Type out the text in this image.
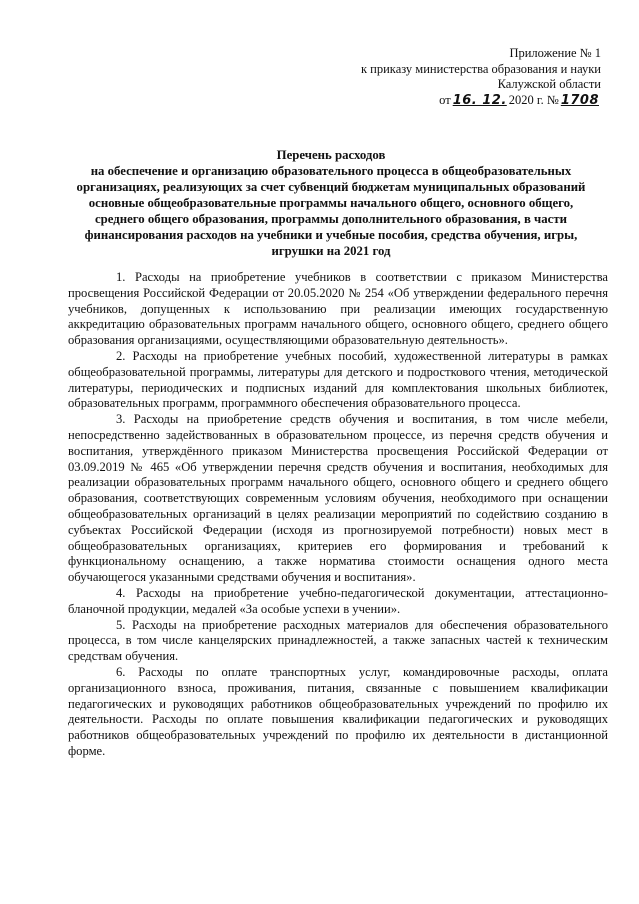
Приложение № 1
к приказу министерства образования и науки
Калужской области
от 16. 12. 2020 г. № 1708
Перечень расходов
на обеспечение и организацию образовательного процесса в общеобразовательных организациях, реализующих за счет субвенций бюджетам муниципальных образований основные общеобразовательные программы начального общего, основного общего, среднего общего образования, программы дополнительного образования, в части финансирования расходов на учебники и учебные пособия, средства обучения, игры, игрушки на 2021 год

1. Расходы на приобретение учебников в соответствии с приказом Министерства просвещения Российской Федерации от 20.05.2020 № 254 «Об утверждении федерального перечня учебников, допущенных к использованию при реализации имеющих государственную аккредитацию образовательных программ начального общего, основного общего, среднего общего образования организациями, осуществляющими образовательную деятельность».

2. Расходы на приобретение учебных пособий, художественной литературы в рамках общеобразовательной программы, литературы для детского и подросткового чтения, методической литературы, периодических и подписных изданий для комплектования школьных библиотек, образовательных программ, программного обеспечения образовательного процесса.

3. Расходы на приобретение средств обучения и воспитания, в том числе мебели, непосредственно задействованных в образовательном процессе, из перечня средств обучения и воспитания, утверждённого приказом Министерства просвещения Российской Федерации от 03.09.2019 № 465 «Об утверждении перечня средств обучения и воспитания, необходимых для реализации образовательных программ начального общего, основного общего и среднего общего образования, соответствующих современным условиям обучения, необходимого при оснащении общеобразовательных организаций в целях реализации мероприятий по содействию созданию в субъектах Российской Федерации (исходя из прогнозируемой потребности) новых мест в общеобразовательных организациях, критериев его формирования и требований к функциональному оснащению, а также норматива стоимости оснащения одного места обучающегося указанными средствами обучения и воспитания».

4. Расходы на приобретение учебно-педагогической документации, аттестационно-бланочной продукции, медалей «За особые успехи в учении».

5. Расходы на приобретение расходных материалов для обеспечения образовательного процесса, в том числе канцелярских принадлежностей, а также запасных частей к техническим средствам обучения.

6. Расходы по оплате транспортных услуг, командировочные расходы, оплата организационного взноса, проживания, питания, связанные с повышением квалификации педагогических и руководящих работников общеобразовательных учреждений по профилю их деятельности. Расходы по оплате повышения квалификации педагогических и руководящих работников общеобразовательных учреждений по профилю их деятельности в дистанционной форме.
